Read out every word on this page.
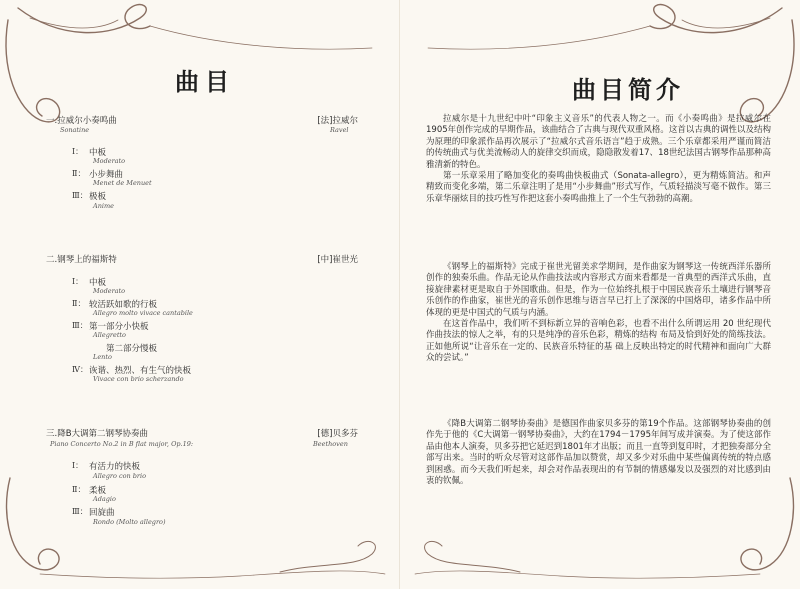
曲目
一.拉威尔小奏鸣曲	[法]拉威尔
Sonatine	Ravel
Ⅰ： 中板
Moderato
Ⅱ： 小步舞曲
Menet de Menuet
Ⅲ： 极板
Anime
二.钢琴上的福斯特	[中]崔世光
Ⅰ： 中板
Moderato
Ⅱ： 较活跃如歌的行板
Allegro molto vivace cantabile
Ⅲ： 第一部分小快板
Allegretto
第二部分慢板
Lento
Ⅳ： 诙谐、热烈、有生气的快板
Vivace con brio scherzando
三.降B大调第二钢琴协奏曲	[德]贝多芬
Piano Concerto No.2 in B flat major, Op.19:	Beethoven
Ⅰ： 有活力的快板
Allegro con brio
Ⅱ： 柔板
Adagio
Ⅲ： 回旋曲
Rondo (Molto allegro)
曲目简介
拉威尔是十九世纪中叶“印象主义音乐”的代表人物之一。而《小奏鸣曲》是拉威尔在1905年创作完成的早期作品，该曲结合了古典与现代双重风格。这首以古典的调性以及结构为原理的印象派作品再次展示了“拉威尔式音乐语言”趋于成熟。三个乐章都采用严谨而简洁的传统曲式与优美流畅动人的旋律交织而成，隐隐散发着17、18世纪法国古钢琴作品那种高雅清新的特色。
第一乐章采用了略加变化的奏鸣曲快板曲式（Sonata-allegro），更为精炼简洁。和声精致而变化多端，第二乐章注明了是用“小步舞曲”形式写作，气质轻描淡写毫不做作。第三乐章华丽炫目的技巧性写作把这套小奏鸣曲推上了一个生气勃勃的高潮。
《钢琴上的福斯特》完成于崔世光留美求学期间，是作曲家为钢琴这一传统西洋乐器所创作的独奏乐曲。作品无论从作曲技法或内容形式方面来看都是一首典型的西洋式乐曲，直接旋律素材更是取自于外国歌曲。但是，作为一位始终扎根于中国民族音乐土壤进行钢琴音乐创作的作曲家，崔世光的音乐创作思维与语言早已打上了深深的中国烙印，诸多作品中所体现的更是中国式的气质与内涵。
在这首作品中，我们听不到标新立异的音响色彩，也看不出什么所谓运用 20 世纪现代作曲技法的惊人之举，有的只是纯净的音乐色彩，精炼的结构 布局及恰到好处的简练技法。正如他所说“让音乐在一定的、民族音乐特征的基 础上反映出特定的时代精神和面向广大群众的尝试。”
《降B大调第二钢琴协奏曲》是德国作曲家贝多芬的第19个作品。这部钢琴协奏曲的创作先于他的《C大调第一钢琴协奏曲》，大约在1794－1795年间写成并演奏。为了使这部作品由他本人演奏，贝多芬把它延迟到1801年才出版；而且一直等到复印时，才把独奏部分全部写出来。当时的听众尽管对这部作品加以赞赏，却又多少对乐曲中某些偏离传统的特点感到困惑。而今天我们听起来，却会对作品表现出的有节制的情感爆发以及强烈的对比感到由衷的钦佩。
